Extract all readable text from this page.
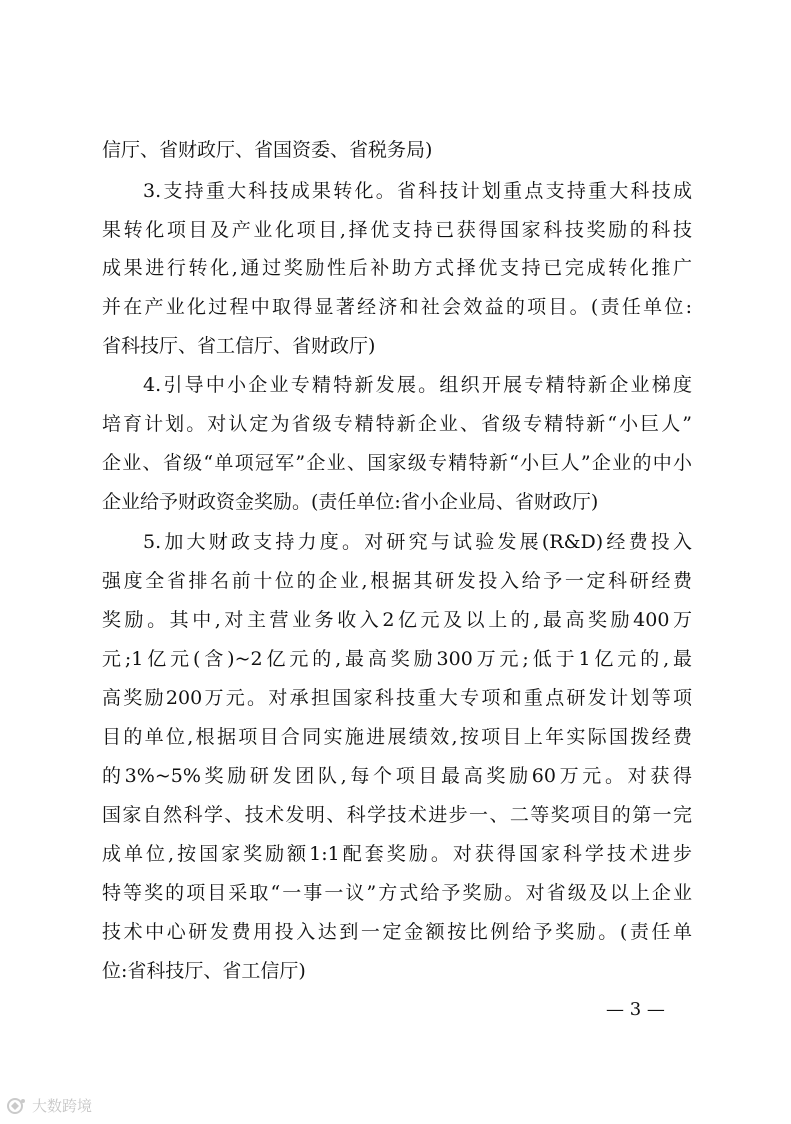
信厅、省财政厅、省国资委、省税务局)
3.支持重大科技成果转化。省科技计划重点支持重大科技成
果转化项目及产业化项目,择优支持已获得国家科技奖励的科技
成果进行转化,通过奖励性后补助方式择优支持已完成转化推广
并在产业化过程中取得显著经济和社会效益的项目。(责任单位:
省科技厅、省工信厅、省财政厅)
4.引导中小企业专精特新发展。组织开展专精特新企业梯度
培育计划。对认定为省级专精特新企业、省级专精特新“小巨人”
企业、省级“单项冠军”企业、国家级专精特新“小巨人”企业的中小
企业给予财政资金奖励。(责任单位:省小企业局、省财政厅)
5.加大财政支持力度。对研究与试验发展(R&D)经费投入
强度全省排名前十位的企业,根据其研发投入给予一定科研经费
奖励。其中,对主营业务收入2亿元及以上的,最高奖励400万
元;1亿元(含)~2亿元的,最高奖励300万元;低于1亿元的,最
高奖励200万元。对承担国家科技重大专项和重点研发计划等项
目的单位,根据项目合同实施进展绩效,按项目上年实际国拨经费
的3%~5%奖励研发团队,每个项目最高奖励60万元。对获得
国家自然科学、技术发明、科学技术进步一、二等奖项目的第一完
成单位,按国家奖励额1:1配套奖励。对获得国家科学技术进步
特等奖的项目采取“一事一议”方式给予奖励。对省级及以上企业
技术中心研发费用投入达到一定金额按比例给予奖励。(责任单
位:省科技厅、省工信厅)
— 3 —
大数跨境
